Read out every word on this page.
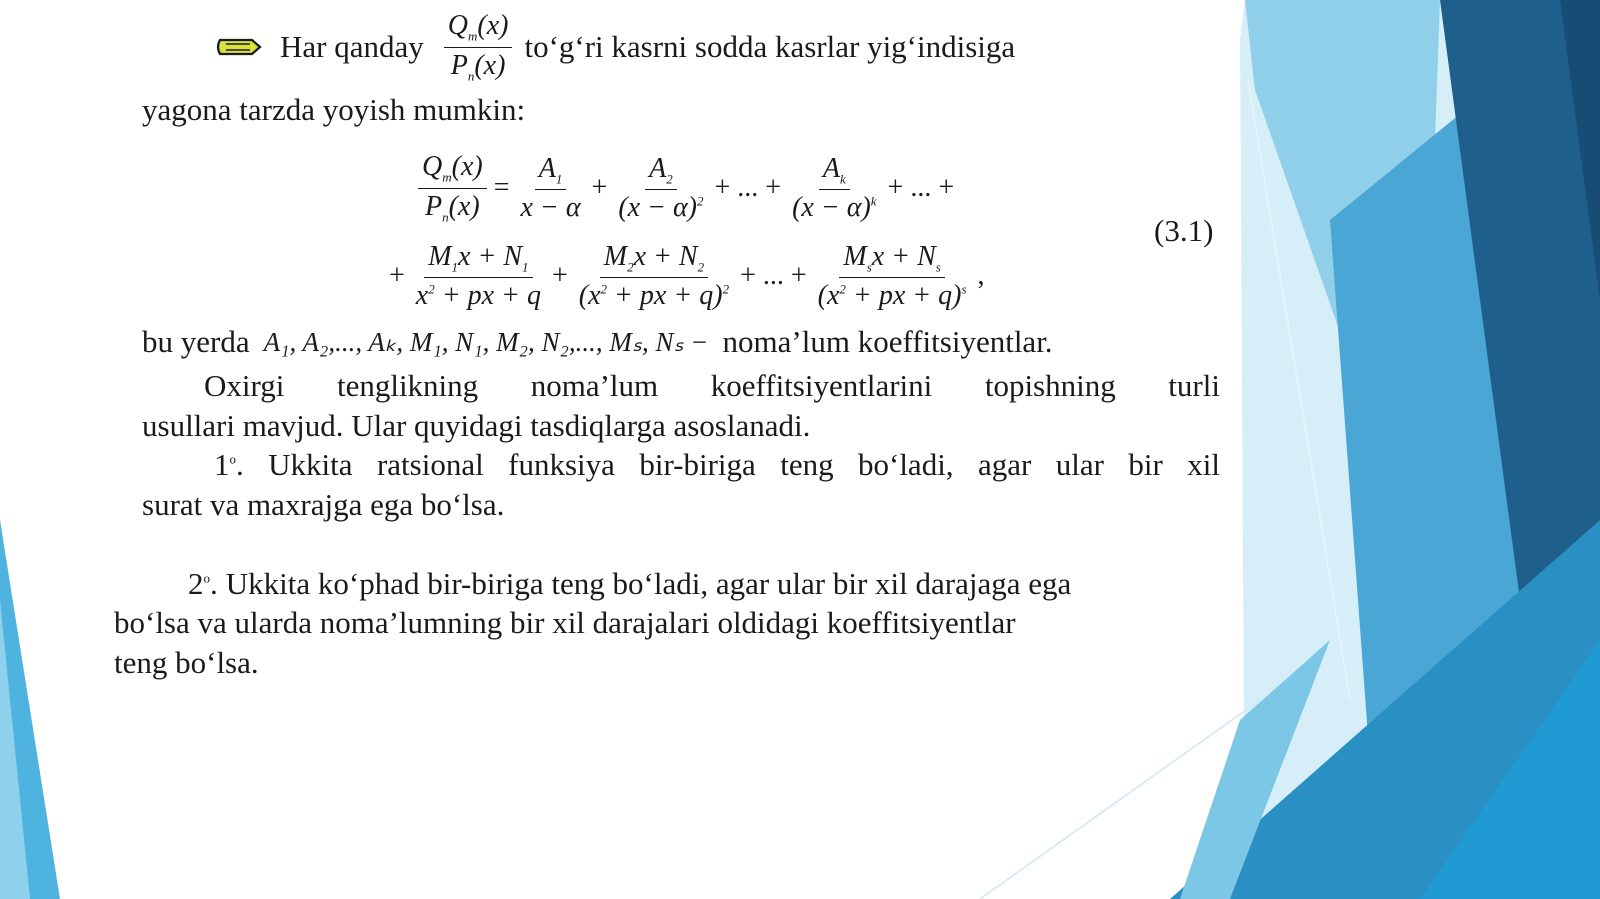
Har qanday $\frac{Q_m(x)}{P_n(x)}$ to‘g‘ri kasrni sodda kasrlar yig‘indisiga
yagona tarzda yoyish mumkin:
$\frac{Q_m(x)}{P_n(x)} = \frac{A_1}{x - \alpha} + \frac{A_2}{(x - \alpha)^2}$ + ... + $\frac{A_k}{(x - \alpha)^k}$ + ... +
(3.1)
+ $\frac{M_1x + N_1}{x^2 + px + q} + \frac{M_2x + N_2}{(x^2 + px + q)^2}$ + ... + $\frac{M_sx + N_s}{(x^2 + px + q)^s}$ ,
bu yerda A₁, A₂,..., Aₖ, M₁, N₁, M₂, N₂,..., Mₛ, Nₛ − noma’lum koeffitsiyentlar.
Oxirgi tenglikning noma’lum koeffitsiyentlarini topishning turli
usullari mavjud. Ular quyidagi tasdiqlarga asoslanadi.
1$^o$. Ukkita ratsional funksiya bir-biriga teng bo‘ladi, agar ular bir xil
surat va maxrajga ega bo‘lsa.
2$^o$. Ukkita ko‘phad bir-biriga teng bo‘ladi, agar ular bir xil darajaga ega
bo‘lsa va ularda noma’lumning bir xil darajalari oldidagi koeffitsiyentlar
teng bo‘lsa.
